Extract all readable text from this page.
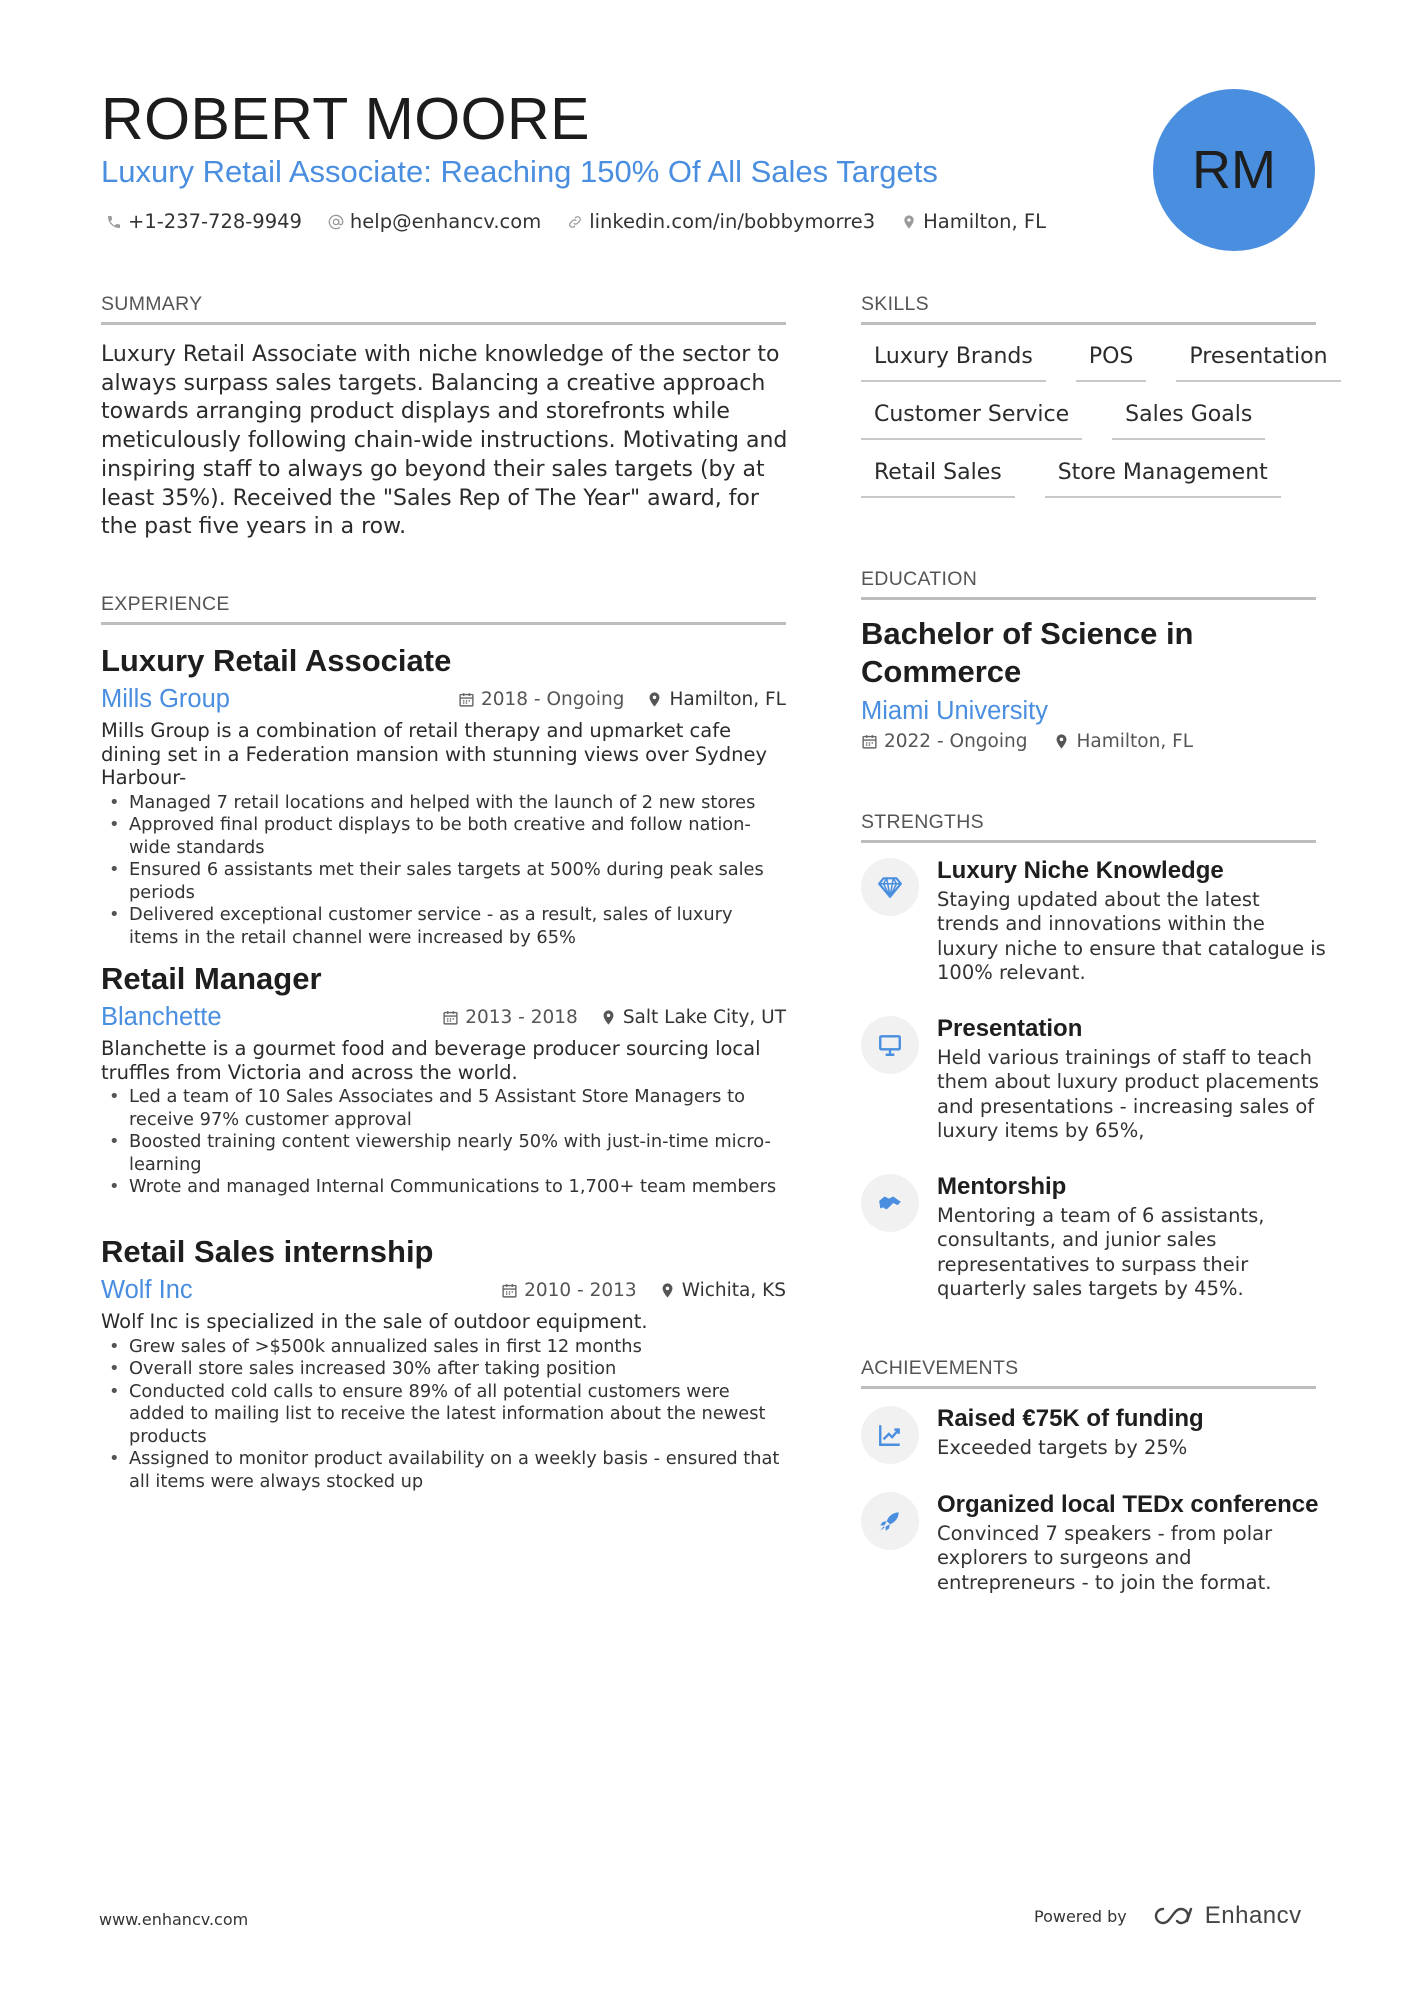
ROBERT MOORE
Luxury Retail Associate: Reaching 150% Of All Sales Targets
+1-237-728-9949 help@enhancv.com linkedin.com/in/bobbymorre3 Hamilton, FL
RM
SUMMARY

Luxury Retail Associate with niche knowledge of the sector to always surpass sales targets. Balancing a creative approach towards arranging product displays and storefronts while meticulously following chain-wide instructions. Motivating and inspiring staff to always go beyond their sales targets (by at least 35%). Received the "Sales Rep of The Year" award, for the past five years in a row.

EXPERIENCE
Luxury Retail Associate
Mills Group	2018 - Ongoing Hamilton, FL

Mills Group is a combination of retail therapy and upmarket cafe dining set in a Federation mansion with stunning views over Sydney Harbour-

• Managed 7 retail locations and helped with the launch of 2 new stores
• Approved final product displays to be both creative and follow nation-wide standards
• Ensured 6 assistants met their sales targets at 500% during peak sales periods
• Delivered exceptional customer service - as a result, sales of luxury items in the retail channel were increased by 65%
Retail Manager
Blanchette	2013 - 2018 Salt Lake City, UT

Blanchette is a gourmet food and beverage producer sourcing local truffles from Victoria and across the world.

• Led a team of 10 Sales Associates and 5 Assistant Store Managers to receive 97% customer approval
• Boosted training content viewership nearly 50% with just-in-time micro-learning
• Wrote and managed Internal Communications to 1,700+ team members
Retail Sales internship
Wolf Inc	2010 - 2013 Wichita, KS

Wolf Inc is specialized in the sale of outdoor equipment.

• Grew sales of >$500k annualized sales in first 12 months
• Overall store sales increased 30% after taking position
• Conducted cold calls to ensure 89% of all potential customers were added to mailing list to receive the latest information about the newest products
• Assigned to monitor product availability on a weekly basis - ensured that all items were always stocked up
SKILLS
Luxury Brands	POS	Presentation
Customer Service	Sales Goals
Retail Sales	Store Management
EDUCATION
Bachelor of Science in Commerce
Miami University
2022 - Ongoing	Hamilton, FL
STRENGTHS
Luxury Niche Knowledge

Staying updated about the latest trends and innovations within the luxury niche to ensure that catalogue is 100% relevant.

Presentation

Held various trainings of staff to teach them about luxury product placements and presentations - increasing sales of luxury items by 65%,

Mentorship

Mentoring a team of 6 assistants, consultants, and junior sales representatives to surpass their quarterly sales targets by 45%.

ACHIEVEMENTS
Raised €75K of funding

Exceeded targets by 25%

Organized local TEDx conference

Convinced 7 speakers - from polar explorers to surgeons and entrepreneurs - to join the format.

www.enhancv.com	Powered by	Enhancv
